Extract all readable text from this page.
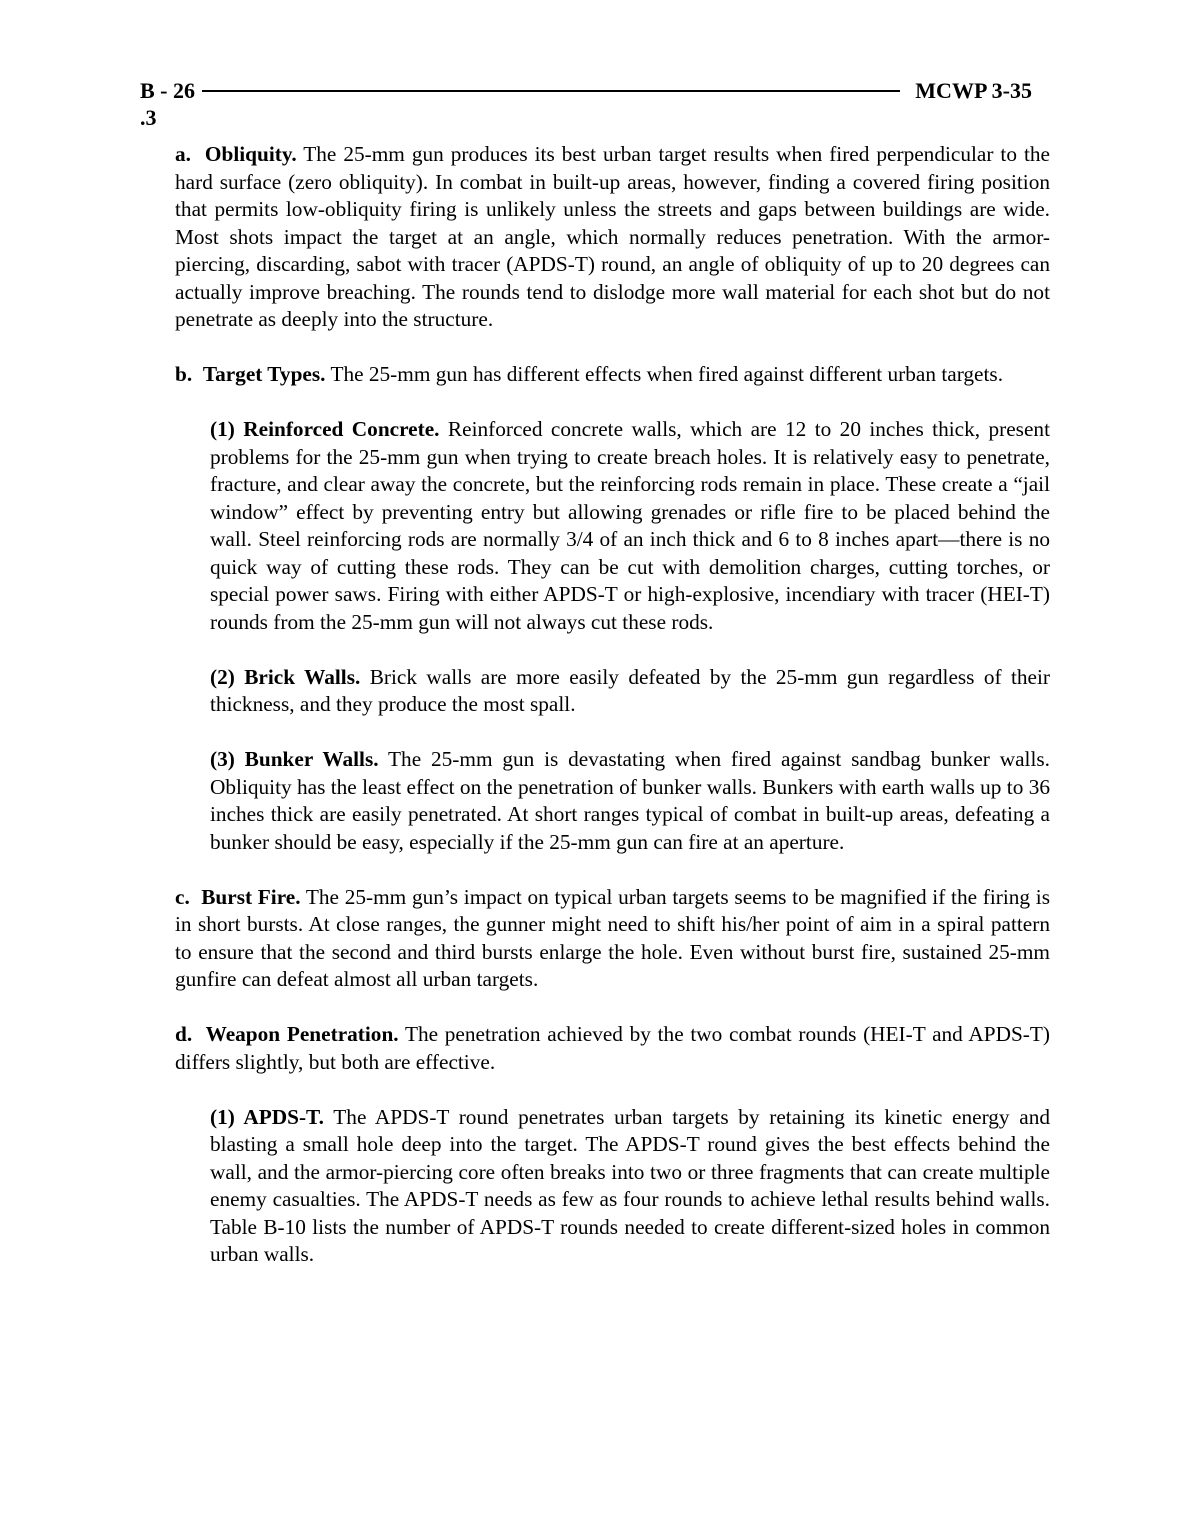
B - 26	MCWP 3-35
.3

a.  Obliquity. The 25-mm gun produces its best urban target results when fired perpendicular to the hard surface (zero obliquity). In combat in built-up areas, however, finding a covered firing position that permits low-obliquity firing is unlikely unless the streets and gaps between buildings are wide. Most shots impact the target at an angle, which normally reduces penetration. With the armor-piercing, discarding, sabot with tracer (APDS-T) round, an angle of obliquity of up to 20 degrees can actually improve breaching. The rounds tend to dislodge more wall material for each shot but do not penetrate as deeply into the structure.

b.  Target Types. The 25-mm gun has different effects when fired against different urban targets.

(1) Reinforced Concrete. Reinforced concrete walls, which are 12 to 20 inches thick, present problems for the 25-mm gun when trying to create breach holes. It is relatively easy to penetrate, fracture, and clear away the concrete, but the reinforcing rods remain in place. These create a “jail window” effect by preventing entry but allowing grenades or rifle fire to be placed behind the wall. Steel reinforcing rods are normally 3/4 of an inch thick and 6 to 8 inches apart—there is no quick way of cutting these rods. They can be cut with demolition charges, cutting torches, or special power saws. Firing with either APDS-T or high-explosive, incendiary with tracer (HEI-T) rounds from the 25-mm gun will not always cut these rods.

(2) Brick Walls. Brick walls are more easily defeated by the 25-mm gun regardless of their thickness, and they produce the most spall.

(3) Bunker Walls. The 25-mm gun is devastating when fired against sandbag bunker walls. Obliquity has the least effect on the penetration of bunker walls. Bunkers with earth walls up to 36 inches thick are easily penetrated. At short ranges typical of combat in built-up areas, defeating a bunker should be easy, especially if the 25-mm gun can fire at an aperture.

c.  Burst Fire. The 25-mm gun’s impact on typical urban targets seems to be magnified if the firing is in short bursts. At close ranges, the gunner might need to shift his/her point of aim in a spiral pattern to ensure that the second and third bursts enlarge the hole. Even without burst fire, sustained 25-mm gunfire can defeat almost all urban targets.

d.  Weapon Penetration. The penetration achieved by the two combat rounds (HEI-T and APDS-T) differs slightly, but both are effective.

(1) APDS-T. The APDS-T round penetrates urban targets by retaining its kinetic energy and blasting a small hole deep into the target. The APDS-T round gives the best effects behind the wall, and the armor-piercing core often breaks into two or three fragments that can create multiple enemy casualties. The APDS-T needs as few as four rounds to achieve lethal results behind walls. Table B-10 lists the number of APDS-T rounds needed to create different-sized holes in common urban walls.
